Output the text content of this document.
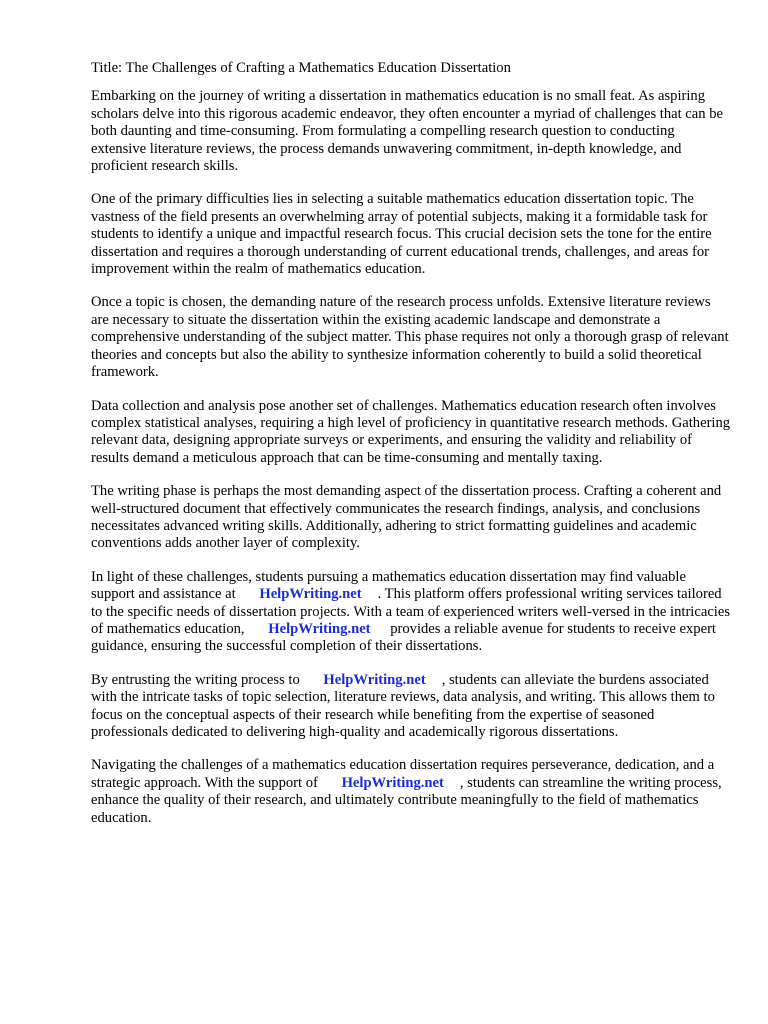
Title: The Challenges of Crafting a Mathematics Education Dissertation

Embarking on the journey of writing a dissertation in mathematics education is no small feat. As aspiring scholars delve into this rigorous academic endeavor, they often encounter a myriad of challenges that can be both daunting and time-consuming. From formulating a compelling research question to conducting extensive literature reviews, the process demands unwavering commitment, in-depth knowledge, and proficient research skills.

One of the primary difficulties lies in selecting a suitable mathematics education dissertation topic. The vastness of the field presents an overwhelming array of potential subjects, making it a formidable task for students to identify a unique and impactful research focus. This crucial decision sets the tone for the entire dissertation and requires a thorough understanding of current educational trends, challenges, and areas for improvement within the realm of mathematics education.

Once a topic is chosen, the demanding nature of the research process unfolds. Extensive literature reviews are necessary to situate the dissertation within the existing academic landscape and demonstrate a comprehensive understanding of the subject matter. This phase requires not only a thorough grasp of relevant theories and concepts but also the ability to synthesize information coherently to build a solid theoretical framework.

Data collection and analysis pose another set of challenges. Mathematics education research often involves complex statistical analyses, requiring a high level of proficiency in quantitative research methods. Gathering relevant data, designing appropriate surveys or experiments, and ensuring the validity and reliability of results demand a meticulous approach that can be time-consuming and mentally taxing.

The writing phase is perhaps the most demanding aspect of the dissertation process. Crafting a coherent and well-structured document that effectively communicates the research findings, analysis, and conclusions necessitates advanced writing skills. Additionally, adhering to strict formatting guidelines and academic conventions adds another layer of complexity.

In light of these challenges, students pursuing a mathematics education dissertation may find valuable support and assistance at HelpWriting.net . This platform offers professional writing services tailored to the specific needs of dissertation projects. With a team of experienced writers well-versed in the intricacies of mathematics education, HelpWriting.net provides a reliable avenue for students to receive expert guidance, ensuring the successful completion of their dissertations.

By entrusting the writing process to HelpWriting.net , students can alleviate the burdens associated with the intricate tasks of topic selection, literature reviews, data analysis, and writing. This allows them to focus on the conceptual aspects of their research while benefiting from the expertise of seasoned professionals dedicated to delivering high-quality and academically rigorous dissertations.

Navigating the challenges of a mathematics education dissertation requires perseverance, dedication, and a strategic approach. With the support of HelpWriting.net , students can streamline the writing process, enhance the quality of their research, and ultimately contribute meaningfully to the field of mathematics education.
